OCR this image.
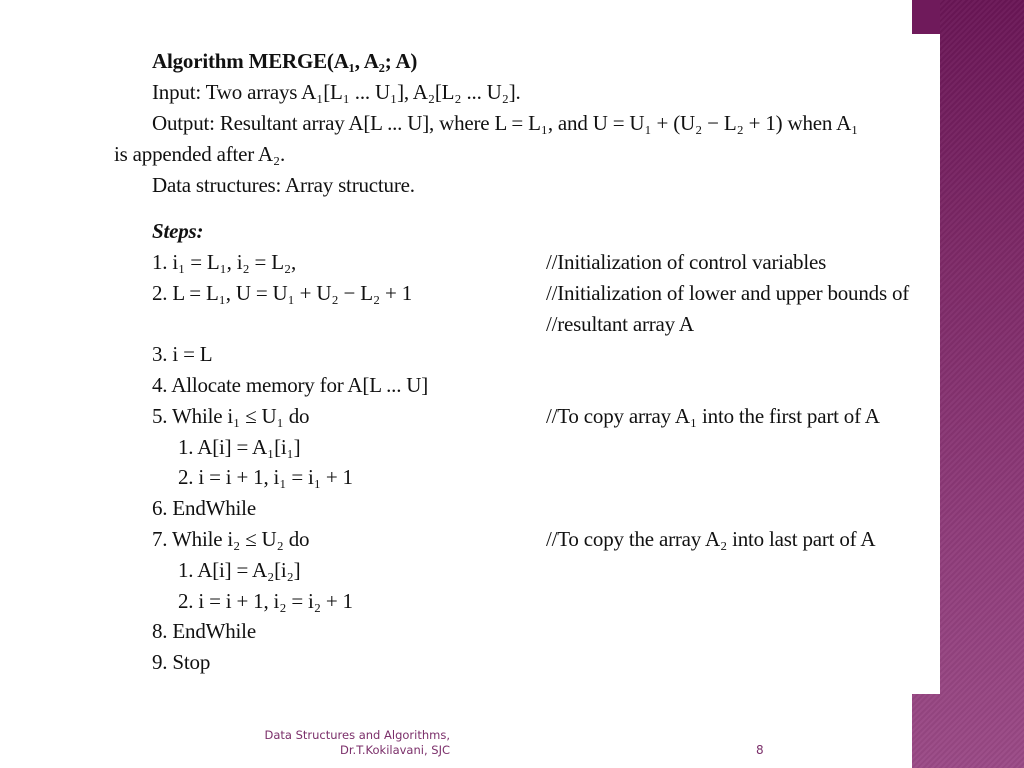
Algorithm MERGE(A₁, A₂; A)
Input: Two arrays A₁[L₁ ... U₁], A₂[L₂ ... U₂].
Output: Resultant array A[L ... U], where L = L₁, and U = U₁ + (U₂ − L₂ + 1) when A₁
is appended after A₂.
Data structures: Array structure.
Steps:
1. i₁ = L₁, i₂ = L₂,	//Initialization of control variables
2. L = L₁, U = U₁ + U₂ − L₂ + 1	//Initialization of lower and upper bounds of
//resultant array A
3. i = L
4. Allocate memory for A[L ... U]
5. While i₁ ≤ U₁ do	//To copy array A₁ into the first part of A
1. A[i] = A₁[i₁]
2. i = i + 1, i₁ = i₁ + 1
6. EndWhile
7. While i₂ ≤ U₂ do	//To copy the array A₂ into last part of A
1. A[i] = A₂[i₂]
2. i = i + 1, i₂ = i₂ + 1
8. EndWhile
9. Stop
Data Structures and Algorithms,
Dr.T.Kokilavani, SJC	8
